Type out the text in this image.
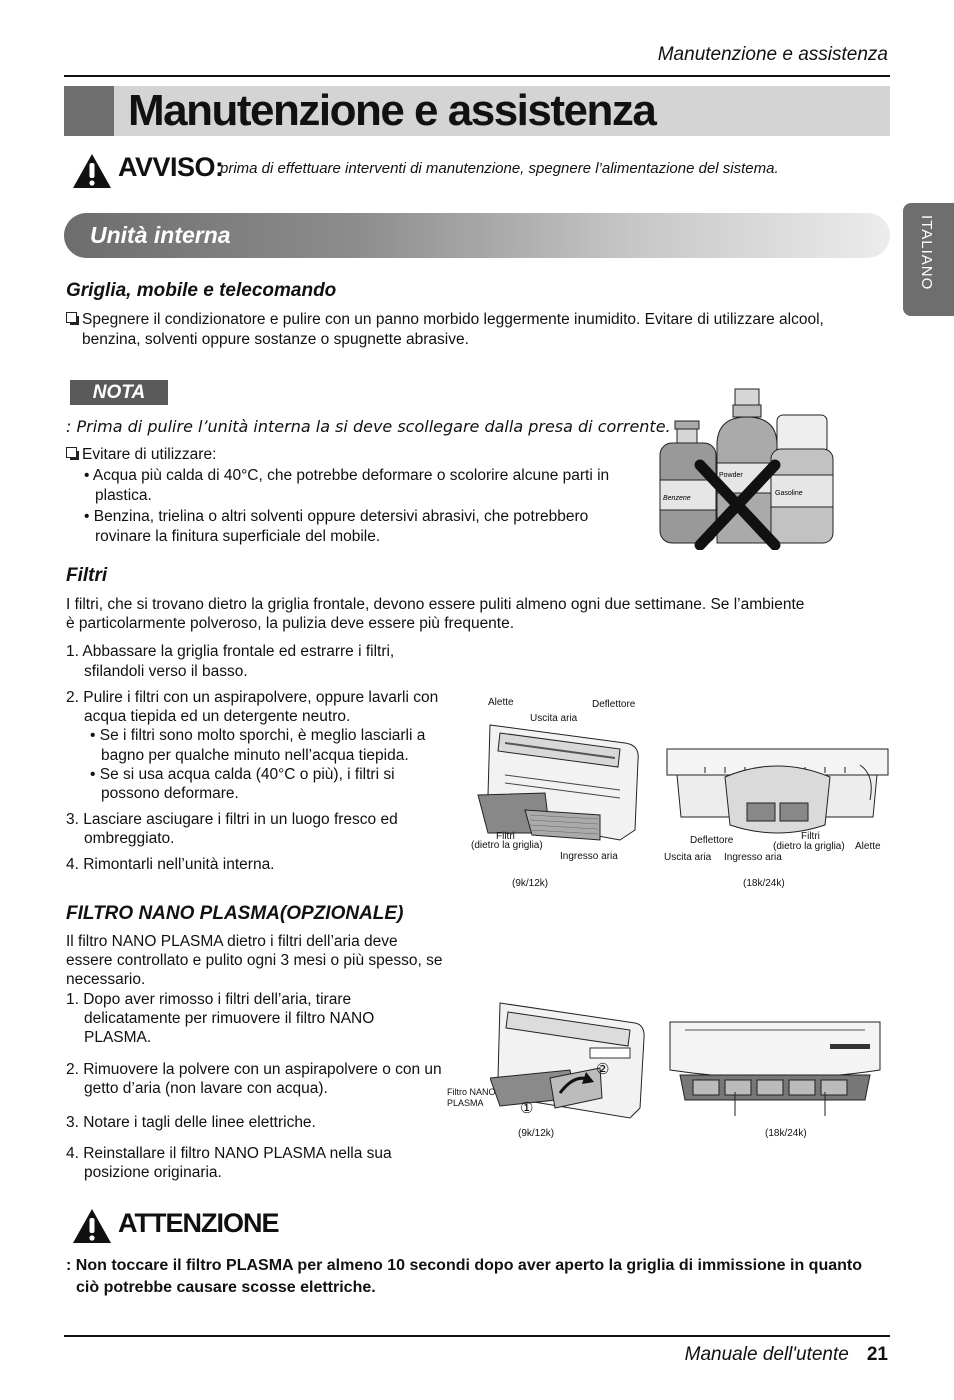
Manutenzione e assistenza
Manutenzione e assistenza
AVVISO:
prima di effettuare interventi di manutenzione, spegnere l’alimentazione del sistema.
Unità interna	ITALIANO
Griglia, mobile e telecomando
Spegnere il condizionatore e pulire con un panno morbido leggermente inumidito. Evitare di utilizzare alcool,
benzina, solventi oppure sostanze o spugnette abrasive.
NOTA
: Prima di pulire l’unità interna la si deve scollegare dalla presa di corrente.
Evitare di utilizzare:
• Acqua più calda di 40°C, che potrebbe deformare o scolorire alcune parti in
plastica.
• Benzina, trielina o altri solventi oppure detersivi abrasivi, che potrebbero
rovinare la finitura superficiale del mobile.
Benzene
Powder
Gasoline
Filtri
I filtri, che si trovano dietro la griglia frontale, devono essere puliti almeno ogni due settimane. Se l’ambiente
è particolarmente polveroso, la pulizia deve essere più frequente.
1. Abbassare la griglia frontale ed estrarre i filtri,
sfilandoli verso il basso.
2. Pulire i filtri con un aspirapolvere, oppure lavarli con
acqua tiepida ed un detergente neutro.
• Se i filtri sono molto sporchi, è meglio lasciarli a
bagno per qualche minuto nell’acqua tiepida.
• Se si usa acqua calda (40°C o più), i filtri si
possono deformare.
3. Lasciare asciugare i filtri in un luogo fresco ed
ombreggiato.
4. Rimontarli nell’unità interna.
Alette
Uscita aria
Deflettore
Filtri
(dietro la griglia)
Ingresso aria
(9k/12k)
Deflettore	Filtri
(dietro la griglia) Alette
Uscita aria Ingresso aria
(18k/24k)
FILTRO NANO PLASMA(OPZIONALE)
Il filtro NANO PLASMA dietro i filtri dell’aria deve
essere controllato e pulito ogni 3 mesi o più spesso, se
necessario.
1. Dopo aver rimosso i filtri dell’aria, tirare
delicatamente per rimuovere il filtro NANO
PLASMA.
2. Rimuovere la polvere con un aspirapolvere o con un
getto d’aria (non lavare con acqua).
3. Notare i tagli delle linee elettriche.
4. Reinstallare il filtro NANO PLASMA nella sua
posizione originaria.
Filtro NANO
PLASMA ①
②
(9k/12k)	(18k/24k)
ATTENZIONE
: Non toccare il filtro PLASMA per almeno 10 secondi dopo aver aperto la griglia di immissione in quanto
ciò potrebbe causare scosse elettriche.
Manuale dell'utente 21
